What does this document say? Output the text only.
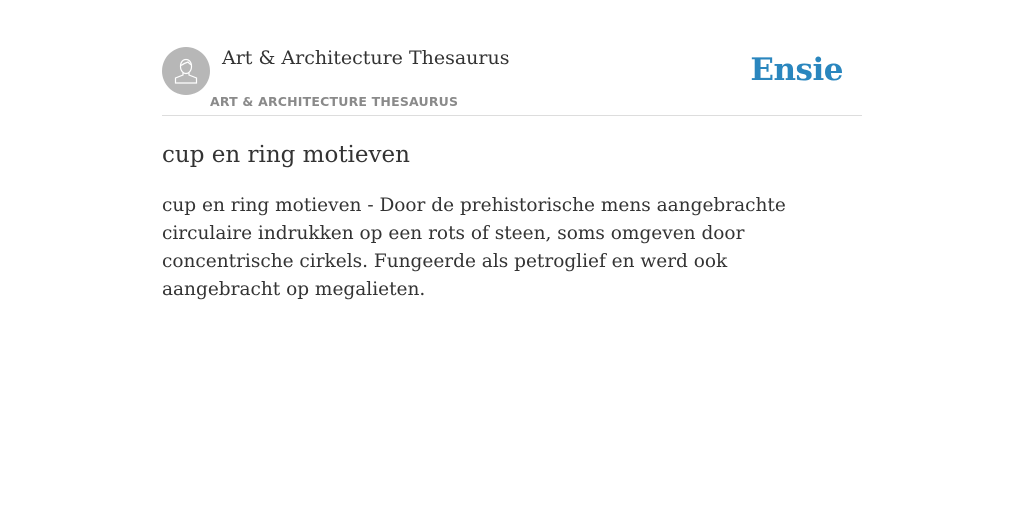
Art & Architecture Thesaurus
ART & ARCHITECTURE THESAURUS
Ensie
cup en ring motieven

cup en ring motieven - Door de prehistorische mens aangebrachte circulaire indrukken op een rots of steen, soms omgeven door concentrische cirkels. Fungeerde als petroglief en werd ook aangebracht op megalieten.
